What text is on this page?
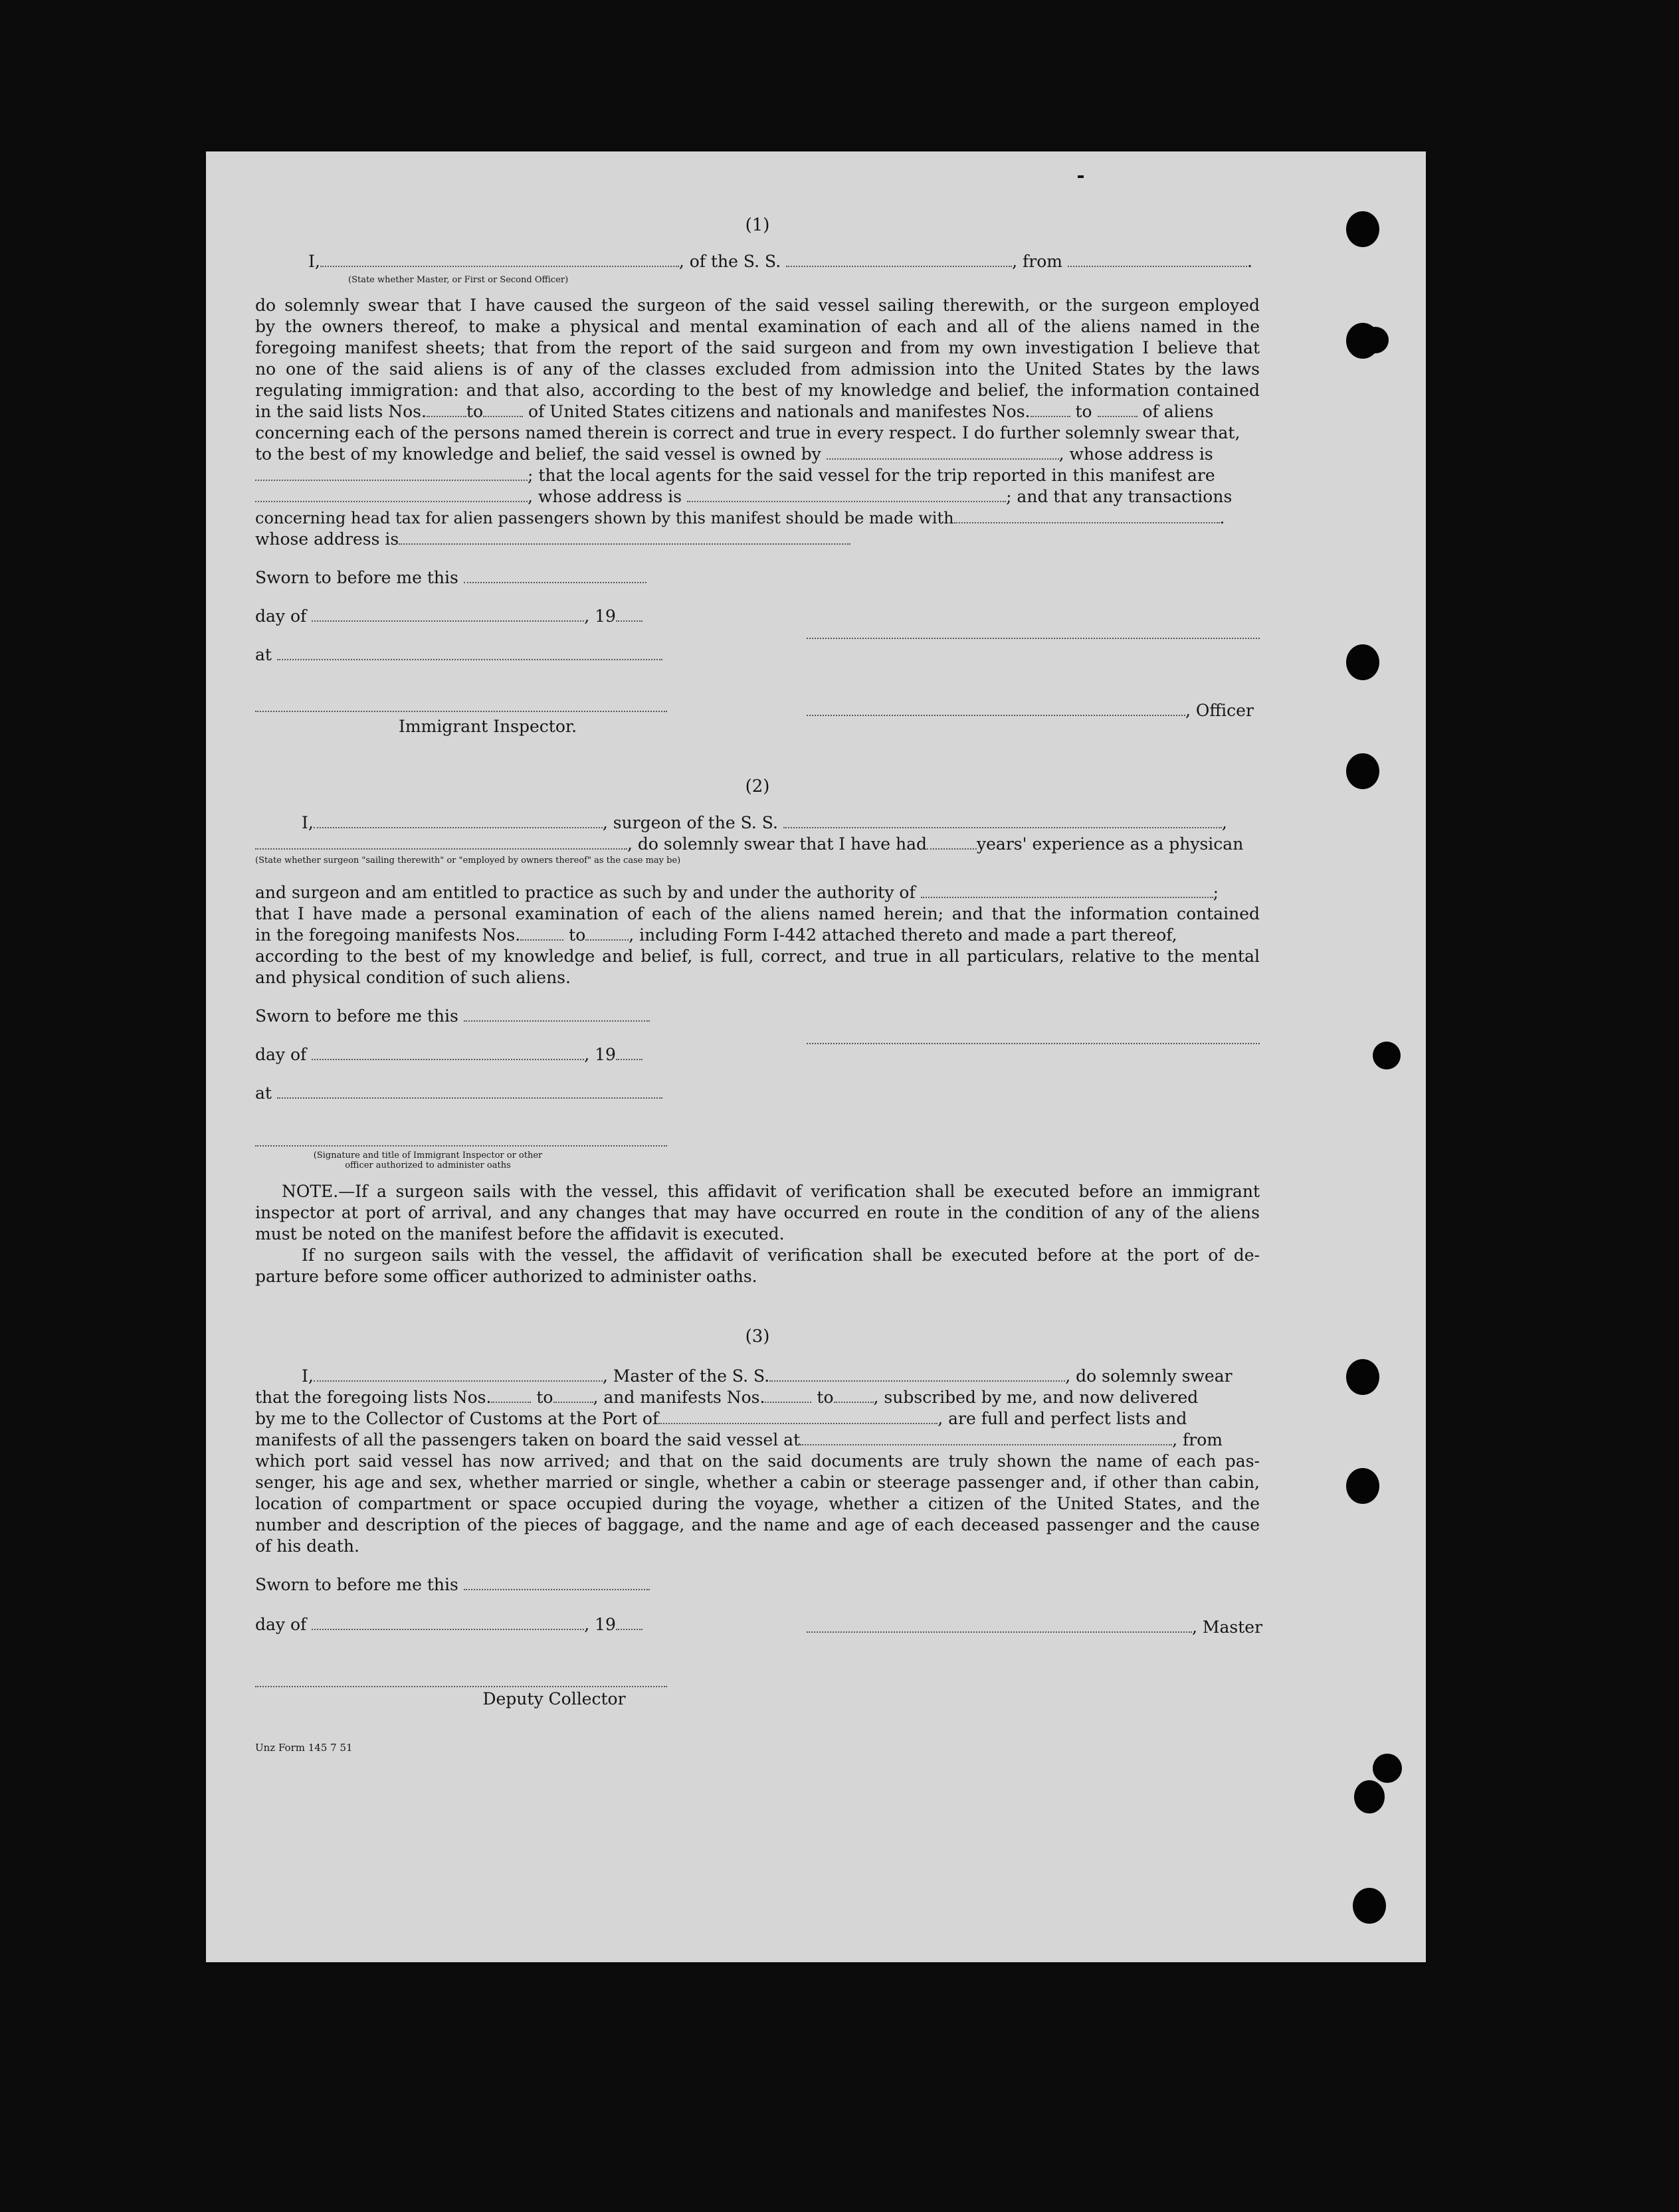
(1)
I,	, of the S. S.	, from	.
(State whether Master, or First or Second Officer)
do solemnly swear that I have caused the surgeon of the said vessel sailing therewith, or the surgeon employed
by the owners thereof, to make a physical and mental examination of each and all of the aliens named in the
foregoing manifest sheets; that from the report of the said surgeon and from my own investigation I believe that
no one of the said aliens is of any of the classes excluded from admission into the United States by the laws
regulating immigration: and that also, according to the best of my knowledge and belief, the information contained
in the said lists Nos. to	of United States citizens and nationals and manifestes Nos.	to	of aliens
concerning each of the persons named therein is correct and true in every respect. I do further solemnly swear that,
to the best of my knowledge and belief, the said vessel is owned by	, whose address is
; that the local agents for the said vessel for the trip reported in this manifest are
, whose address is	; and that any transactions
concerning head tax for alien passengers shown by this manifest should be made with	.
whose address is
Sworn to before me this
day of	, 19
at
, Officer
Immigrant Inspector.
(2)
I,	, surgeon of the S. S.	,
, do solemnly swear that I have had	years' experience as a physican
(State whether surgeon "sailing therewith" or "employed by owners thereof" as the case may be)
and surgeon and am entitled to practice as such by and under the authority of	;
that I have made a personal examination of each of the aliens named herein; and that the information contained
in the foregoing manifests Nos.	to	, including Form I-442 attached thereto and made a part thereof,
according to the best of my knowledge and belief, is full, correct, and true in all particulars, relative to the mental
and physical condition of such aliens.
Sworn to before me this
day of	, 19
at
(Signature and title of Immigrant Inspector or other
officer authorized to administer oaths
NOTE.—If a surgeon sails with the vessel, this affidavit of verification shall be executed before an immigrant
inspector at port of arrival, and any changes that may have occurred en route in the condition of any of the aliens
must be noted on the manifest before the affidavit is executed.
If no surgeon sails with the vessel, the affidavit of verification shall be executed before at the port of de-
parture before some officer authorized to administer oaths.
(3)
I,	, Master of the S. S.	, do solemnly swear
that the foregoing lists Nos.	to , and manifests Nos.	to , subscribed by me, and now delivered
by me to the Collector of Customs at the Port of	, are full and perfect lists and
manifests of all the passengers taken on board the said vessel at	, from
which port said vessel has now arrived; and that on the said documents are truly shown the name of each pas-
senger, his age and sex, whether married or single, whether a cabin or steerage passenger and, if other than cabin,
location of compartment or space occupied during the voyage, whether a citizen of the United States, and the
number and description of the pieces of baggage, and the name and age of each deceased passenger and the cause
of his death.
Sworn to before me this
day of	, 19	, Master
Deputy Collector
Unz Form 145 7 51
